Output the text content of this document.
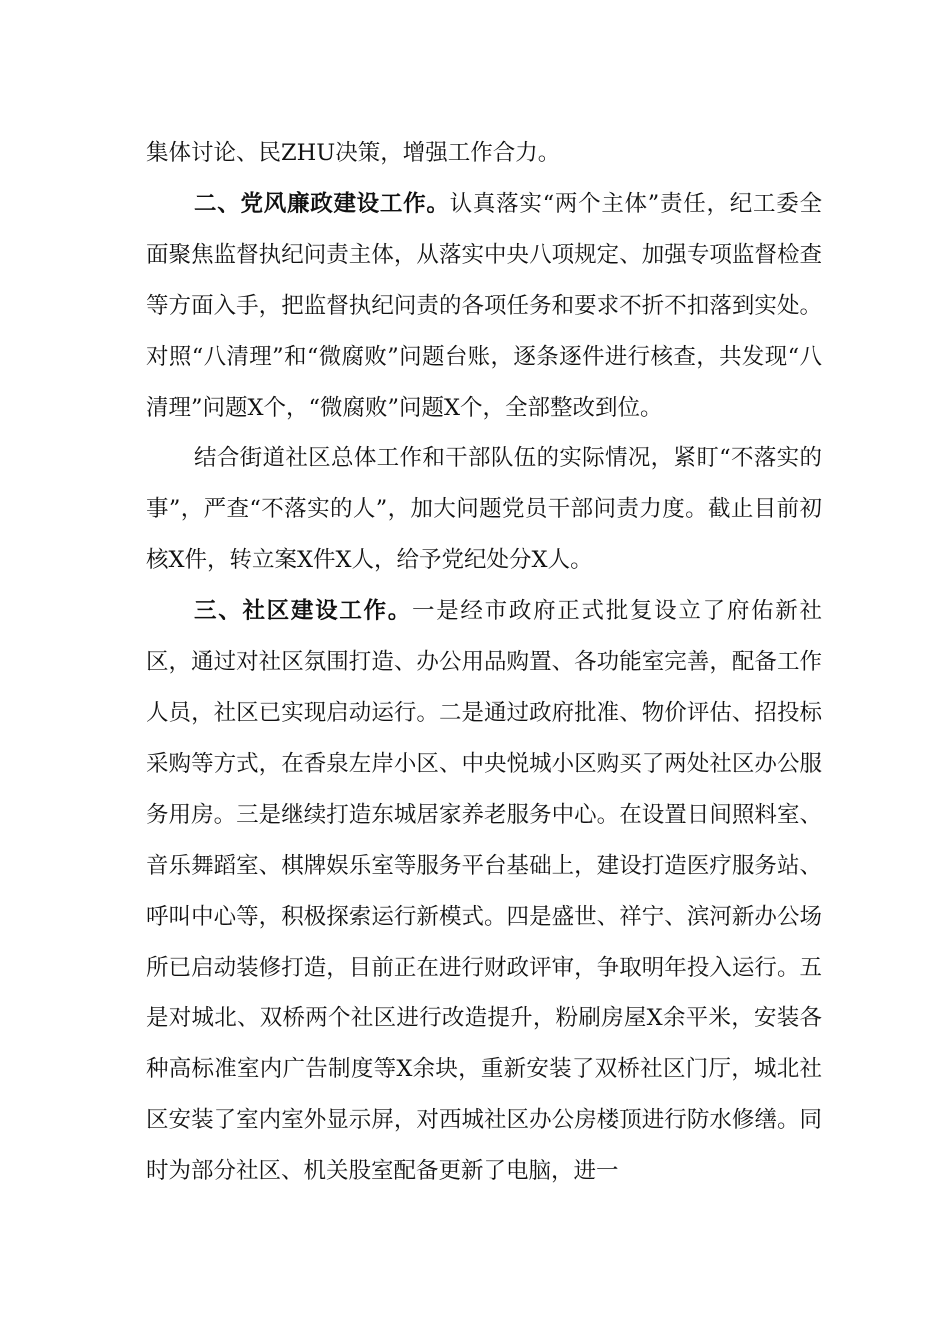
集体讨论、民ZHU决策，增强工作合力。

二、党风廉政建设工作。认真落实“两个主体”责任，纪工委全面聚焦监督执纪问责主体，从落实中央八项规定、加强专项监督检查等方面入手，把监督执纪问责的各项任务和要求不折不扣落到实处。对照“八清理”和“微腐败”问题台账，逐条逐件进行核查，共发现“八清理”问题X个，“微腐败”问题X个，全部整改到位。

结合街道社区总体工作和干部队伍的实际情况，紧盯“不落实的事”，严查“不落实的人”，加大问题党员干部问责力度。截止目前初核X件，转立案X件X人，给予党纪处分X人。

三、社区建设工作。一是经市政府正式批复设立了府佑新社区，通过对社区氛围打造、办公用品购置、各功能室完善，配备工作人员，社区已实现启动运行。二是通过政府批准、物价评估、招投标采购等方式，在香泉左岸小区、中央悦城小区购买了两处社区办公服务用房。三是继续打造东城居家养老服务中心。在设置日间照料室、音乐舞蹈室、棋牌娱乐室等服务平台基础上，建设打造医疗服务站、呼叫中心等，积极探索运行新模式。四是盛世、祥宁、滨河新办公场所已启动装修打造，目前正在进行财政评审，争取明年投入运行。五是对城北、双桥两个社区进行改造提升，粉刷房屋X余平米，安装各种高标准室内广告制度等X余块，重新安装了双桥社区门厅，城北社区安装了室内室外显示屏，对西城社区办公房楼顶进行防水修缮。同时为部分社区、机关股室配备更新了电脑，进一
